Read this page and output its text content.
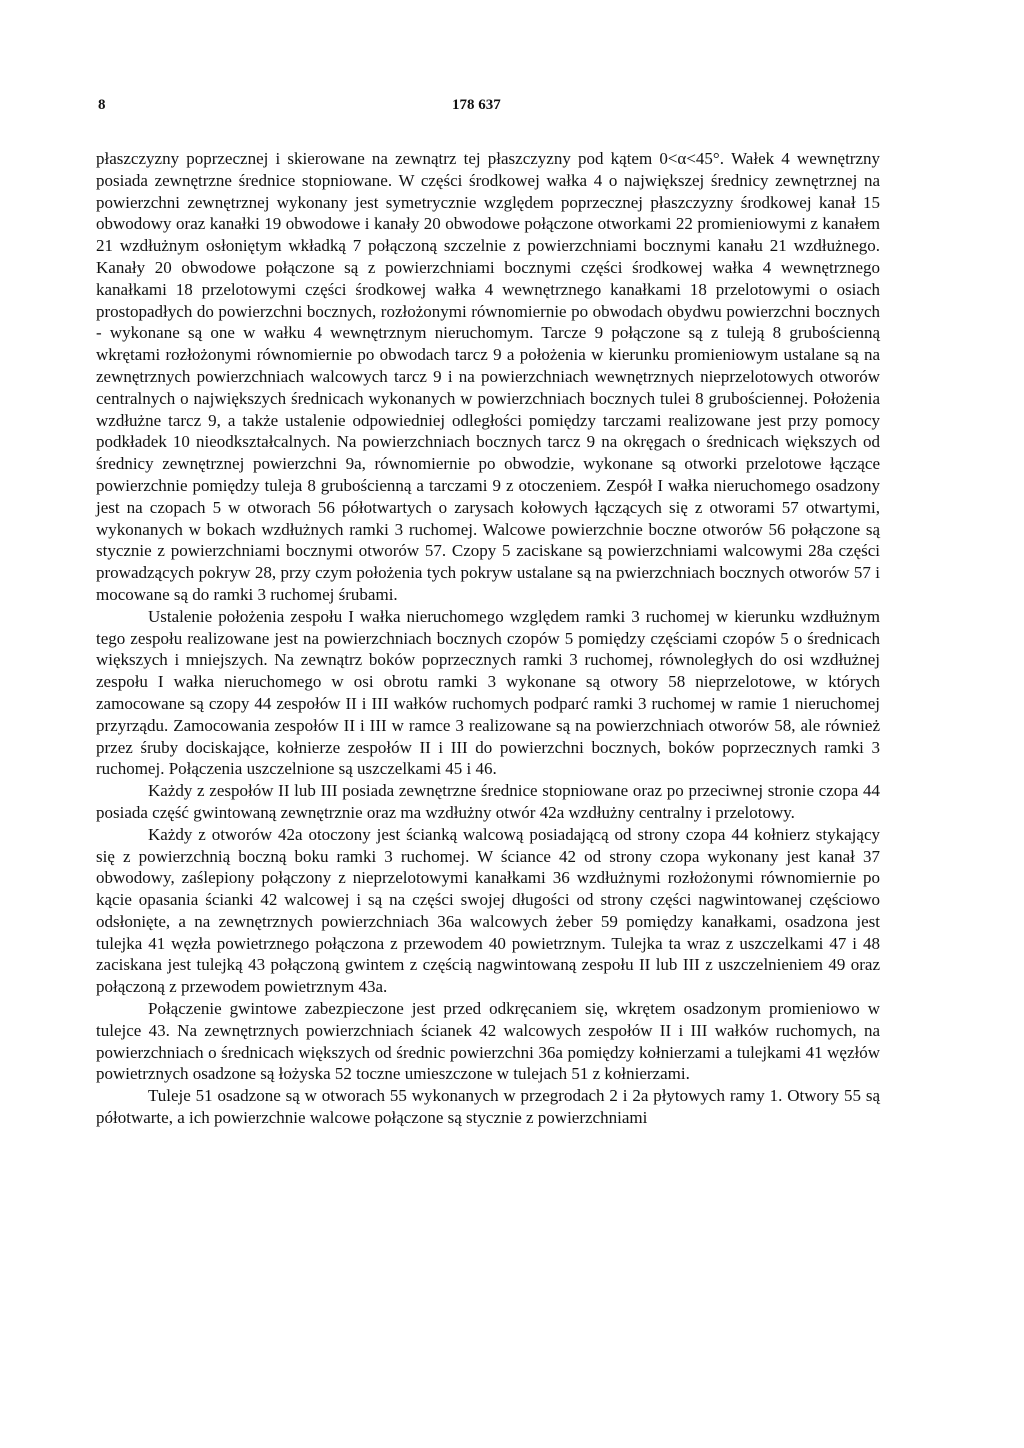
8	178 637

płaszczyzny poprzecznej i skierowane na zewnątrz tej płaszczyzny pod kątem 0<α<45°. Wałek 4 wewnętrzny posiada zewnętrzne średnice stopniowane. W części środkowej wałka 4 o największej średnicy zewnętrznej na powierzchni zewnętrznej wykonany jest symetrycznie względem poprzecznej płaszczyzny środkowej kanał 15 obwodowy oraz kanałki 19 obwodowe i kanały 20 obwodowe połączone otworkami 22 promieniowymi z kanałem 21 wzdłużnym osłoniętym wkładką 7 połączoną szczelnie z powierzchniami bocznymi kanału 21 wzdłużnego. Kanały 20 obwodowe połączone są z powierzchniami bocznymi części środkowej wałka 4 wewnętrznego kanałkami 18 przelotowymi części środkowej wałka 4 wewnętrznego kanałkami 18 przelotowymi o osiach prostopadłych do powierzchni bocznych, rozłożonymi równomiernie po obwodach obydwu powierzchni bocznych - wykonane są one w wałku 4 wewnętrznym nieruchomym. Tarcze 9 połączone są z tuleją 8 grubościenną wkrętami rozłożonymi równomiernie po obwodach tarcz 9 a położenia w kierunku promieniowym ustalane są na zewnętrznych powierzchniach walcowych tarcz 9 i na powierzchniach wewnętrznych nieprzelotowych otworów centralnych o największych średnicach wykonanych w powierzchniach bocznych tulei 8 grubościennej. Położenia wzdłużne tarcz 9, a także ustalenie odpowiedniej odległości pomiędzy tarczami realizowane jest przy pomocy podkładek 10 nieodkształcalnych. Na powierzchniach bocznych tarcz 9 na okręgach o średnicach większych od średnicy zewnętrznej powierzchni 9a, równomiernie po obwodzie, wykonane są otworki przelotowe łączące powierzchnie pomiędzy tuleja 8 grubościenną a tarczami 9 z otoczeniem. Zespół I wałka nieruchomego osadzony jest na czopach 5 w otworach 56 półotwartych o zarysach kołowych łączących się z otworami 57 otwartymi, wykonanych w bokach wzdłużnych ramki 3 ruchomej. Walcowe powierzchnie boczne otworów 56 połączone są stycznie z powierzchniami bocznymi otworów 57. Czopy 5 zaciskane są powierzchniami walcowymi 28a części prowadzących pokryw 28, przy czym położenia tych pokryw ustalane są na pwierzchniach bocznych otworów 57 i mocowane są do ramki 3 ruchomej śrubami.

Ustalenie położenia zespołu I wałka nieruchomego względem ramki 3 ruchomej w kierunku wzdłużnym tego zespołu realizowane jest na powierzchniach bocznych czopów 5 pomiędzy częściami czopów 5 o średnicach większych i mniejszych. Na zewnątrz boków poprzecznych ramki 3 ruchomej, równoległych do osi wzdłużnej zespołu I wałka nieruchomego w osi obrotu ramki 3 wykonane są otwory 58 nieprzelotowe, w których zamocowane są czopy 44 zespołów II i III wałków ruchomych podparć ramki 3 ruchomej w ramie 1 nieruchomej przyrządu. Zamocowania zespołów II i III w ramce 3 realizowane są na powierzchniach otworów 58, ale również przez śruby dociskające, kołnierze zespołów II i III do powierzchni bocznych, boków poprzecznych ramki 3 ruchomej. Połączenia uszczelnione są uszczelkami 45 i 46.

Każdy z zespołów II lub III posiada zewnętrzne średnice stopniowane oraz po przeciwnej stronie czopa 44 posiada część gwintowaną zewnętrznie oraz ma wzdłużny otwór 42a wzdłużny centralny i przelotowy.

Każdy z otworów 42a otoczony jest ścianką walcową posiadającą od strony czopa 44 kołnierz stykający się z powierzchnią boczną boku ramki 3 ruchomej. W ściance 42 od strony czopa wykonany jest kanał 37 obwodowy, zaślepiony połączony z nieprzelotowymi kanałkami 36 wzdłużnymi rozłożonymi równomiernie po kącie opasania ścianki 42 walcowej i są na części swojej długości od strony części nagwintowanej częściowo odsłonięte, a na zewnętrznych powierzchniach 36a walcowych żeber 59 pomiędzy kanałkami, osadzona jest tulejka 41 węzła powietrznego połączona z przewodem 40 powietrznym. Tulejka ta wraz z uszczelkami 47 i 48 zaciskana jest tulejką 43 połączoną gwintem z częścią nagwintowaną zespołu II lub III z uszczelnieniem 49 oraz połączoną z przewodem powietrznym 43a.

Połączenie gwintowe zabezpieczone jest przed odkręcaniem się, wkrętem osadzonym promieniowo w tulejce 43. Na zewnętrznych powierzchniach ścianek 42 walcowych zespołów II i III wałków ruchomych, na powierzchniach o średnicach większych od średnic powierzchni 36a pomiędzy kołnierzami a tulejkami 41 węzłów powietrznych osadzone są łożyska 52 toczne umieszczone w tulejach 51 z kołnierzami.

Tuleje 51 osadzone są w otworach 55 wykonanych w przegrodach 2 i 2a płytowych ramy 1. Otwory 55 są półotwarte, a ich powierzchnie walcowe połączone są stycznie z powierzchniami
